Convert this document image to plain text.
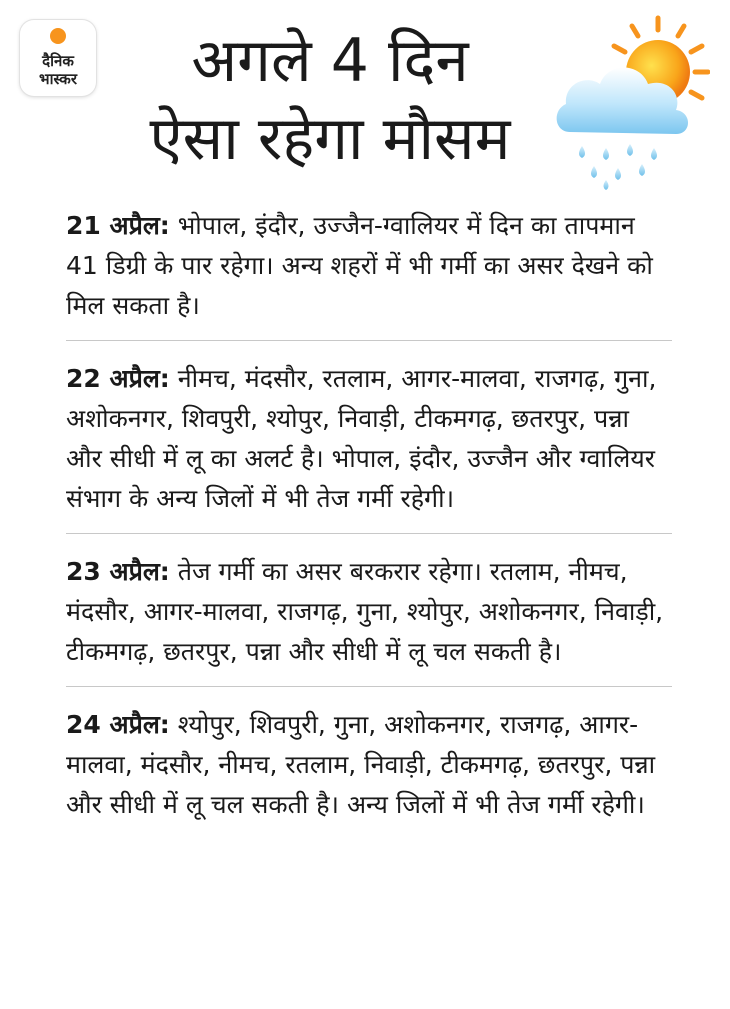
दैनिक
भास्कर	अगले 4 दिन
ऐसा रहेगा मौसम

21 अप्रैल: भोपाल, इंदौर, उज्जैन-ग्वालियर में दिन का तापमान 41 डिग्री के पार रहेगा। अन्य शहरों में भी गर्मी का असर देखने को मिल सकता है।

22 अप्रैल: नीमच, मंदसौर, रतलाम, आगर-मालवा, राजगढ़, गुना, अशोकनगर, शिवपुरी, श्योपुर, निवाड़ी, टीकमगढ़, छतरपुर, पन्ना और सीधी में लू का अलर्ट है। भोपाल, इंदौर, उज्जैन और ग्वालियर संभाग के अन्य जिलों में भी तेज गर्मी रहेगी।

23 अप्रैल: तेज गर्मी का असर बरकरार रहेगा। रतलाम, नीमच, मंदसौर, आगर-मालवा, राजगढ़, गुना, श्योपुर, अशोकनगर, निवाड़ी, टीकमगढ़, छतरपुर, पन्ना और सीधी में लू चल सकती है।

24 अप्रैल: श्योपुर, शिवपुरी, गुना, अशोकनगर, राजगढ़, आगर-मालवा, मंदसौर, नीमच, रतलाम, निवाड़ी, टीकमगढ़, छतरपुर, पन्ना और सीधी में लू चल सकती है। अन्य जिलों में भी तेज गर्मी रहेगी।
